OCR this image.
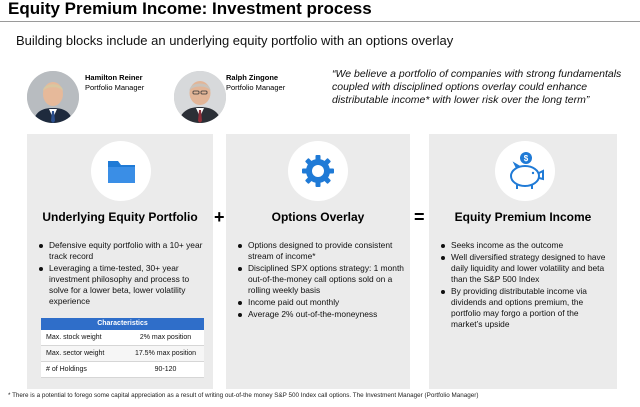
Equity Premium Income: Investment process
Building blocks include an underlying equity portfolio with an options overlay
Hamilton Reiner
Portfolio Manager
Ralph Zingone
Portfolio Manager
“We believe a portfolio of companies with strong fundamentals coupled with disciplined options overlay could enhance distributable income* with lower risk over the long term”
$
Underlying Equity Portfolio +	Options Overlay	=	Equity Premium Income
Defensive equity portfolio with a 10+ year track record
Leveraging a time-tested, 30+ year investment philosophy and process to solve for a lower beta, lower volatility experience
Options designed to provide consistent stream of income*
Disciplined SPX options strategy: 1 month out-of-the-money call options sold on a rolling weekly basis
Income paid out monthly
Average 2% out-of-the-moneyness
Seeks income as the outcome
Well diversified strategy designed to have daily liquidity and lower volatility and beta than the S&P 500 Index
By providing distributable income via dividends and options premium, the portfolio may forgo a portion of the market’s upside
Characteristics
Max. stock weight	2% max position
Max. sector weight	17.5% max position
# of Holdings	90-120
* There is a potential to forego some capital appreciation as a result of writing out-of-the money S&P 500 Index call options. The Investment Manager (Portfolio Manager)
